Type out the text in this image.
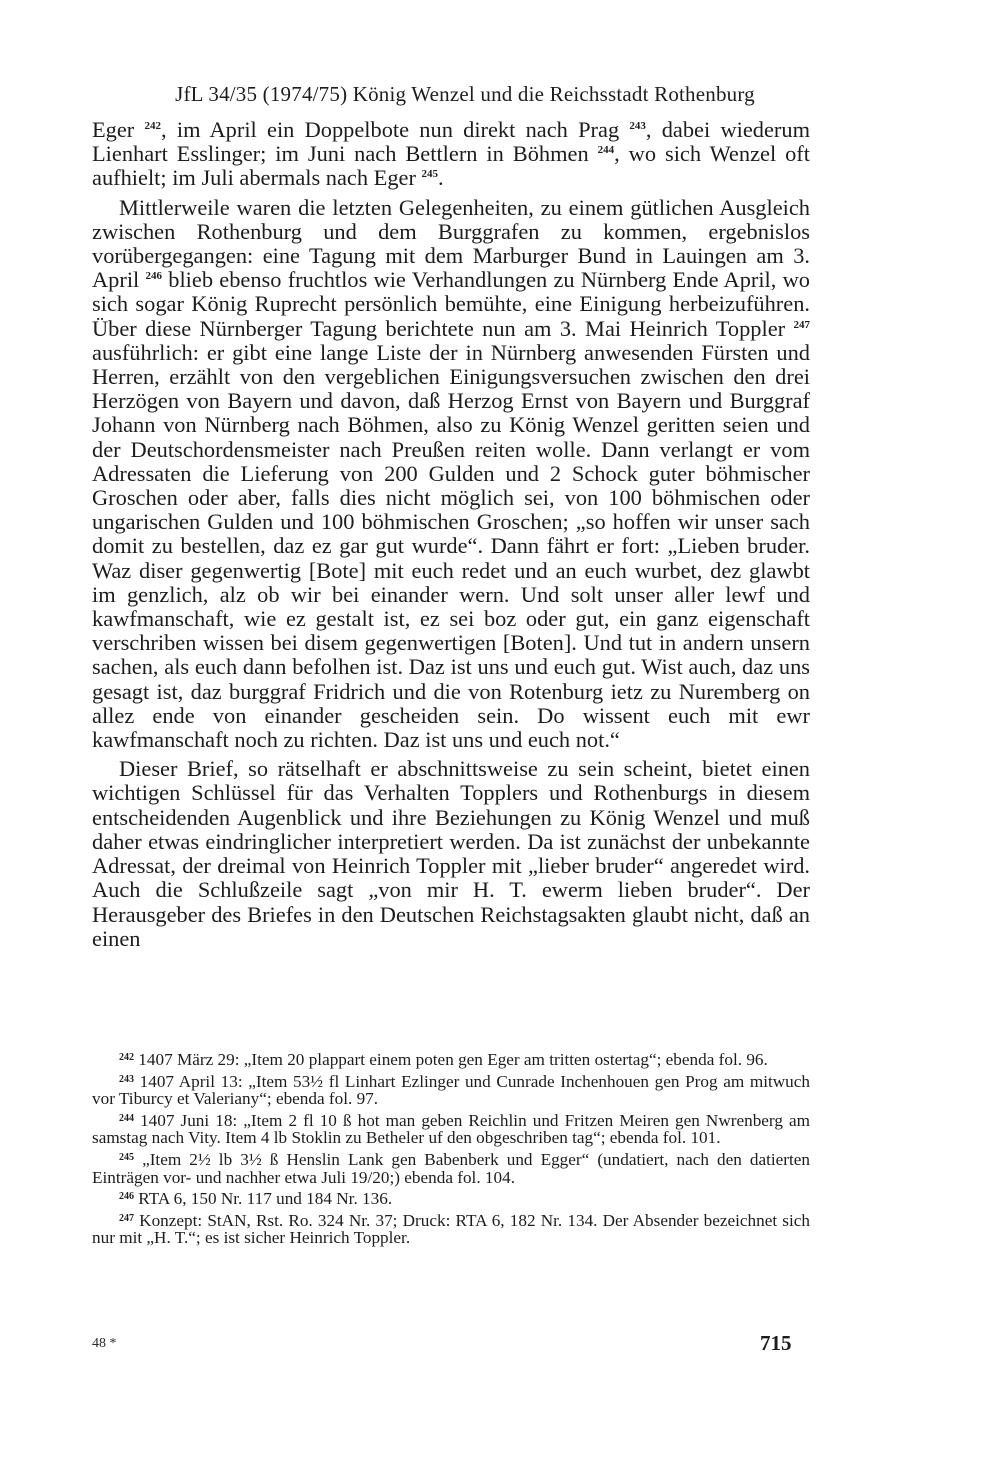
JfL 34/35 (1974/75) König Wenzel und die Reichsstadt Rothenburg

Eger $^{242}$, im April ein Doppelbote nun direkt nach Prag $^{243}$, dabei wiederum Lienhart Esslinger; im Juni nach Bettlern in Böhmen $^{244}$, wo sich Wenzel oft aufhielt; im Juli abermals nach Eger $^{245}$.

Mittlerweile waren die letzten Gelegenheiten, zu einem gütlichen Ausgleich zwischen Rothenburg und dem Burggrafen zu kommen, ergebnislos vorübergegangen: eine Tagung mit dem Marburger Bund in Lauingen am 3. April $^{246}$ blieb ebenso fruchtlos wie Verhandlungen zu Nürnberg Ende April, wo sich sogar König Ruprecht persönlich bemühte, eine Einigung herbeizuführen. Über diese Nürnberger Tagung berichtete nun am 3. Mai Heinrich Toppler $^{247}$ ausführlich: er gibt eine lange Liste der in Nürnberg anwesenden Fürsten und Herren, erzählt von den vergeblichen Einigungsversuchen zwischen den drei Herzögen von Bayern und davon, daß Herzog Ernst von Bayern und Burggraf Johann von Nürnberg nach Böhmen, also zu König Wenzel geritten seien und der Deutschordensmeister nach Preußen reiten wolle. Dann verlangt er vom Adressaten die Lieferung von 200 Gulden und 2 Schock guter böhmischer Groschen oder aber, falls dies nicht möglich sei, von 100 böhmischen oder ungarischen Gulden und 100 böhmischen Groschen; „so hoffen wir unser sach domit zu bestellen, daz ez gar gut wurde“. Dann fährt er fort: „Lieben bruder. Waz diser gegenwertig [Bote] mit euch redet und an euch wurbet, dez glawbt im genzlich, alz ob wir bei einander wern. Und solt unser aller lewf und kawfmanschaft, wie ez gestalt ist, ez sei boz oder gut, ein ganz eigenschaft verschriben wissen bei disem gegenwertigen [Boten]. Und tut in andern unsern sachen, als euch dann befolhen ist. Daz ist uns und euch gut. Wist auch, daz uns gesagt ist, daz burggraf Fridrich und die von Rotenburg ietz zu Nuremberg on allez ende von einander gescheiden sein. Do wissent euch mit ewr kawfmanschaft noch zu richten. Daz ist uns und euch not.“

Dieser Brief, so rätselhaft er abschnittsweise zu sein scheint, bietet einen wichtigen Schlüssel für das Verhalten Topplers und Rothenburgs in diesem entscheidenden Augenblick und ihre Beziehungen zu König Wenzel und muß daher etwas eindringlicher interpretiert werden. Da ist zunächst der unbekannte Adressat, der dreimal von Heinrich Toppler mit „lieber bruder“ angeredet wird. Auch die Schlußzeile sagt „von mir H. T. ewerm lieben bruder“. Der Herausgeber des Briefes in den Deutschen Reichstagsakten glaubt nicht, daß an einen

$^{242}$ 1407 März 29: „Item 20 plappart einem poten gen Eger am tritten ostertag“; ebenda fol. 96.
$^{243}$ 1407 April 13: „Item 53½ fl Linhart Ezlinger und Cunrade Inchenhouen gen Prog am mitwuch vor Tiburcy et Valeriany“; ebenda fol. 97.
$^{244}$ 1407 Juni 18: „Item 2 fl 10 ß hot man geben Reichlin und Fritzen Meiren gen Nwrenberg am samstag nach Vity. Item 4 lb Stoklin zu Betheler uf den obgeschriben tag“; ebenda fol. 101.
$^{245}$ „Item 2½ lb 3½ ß Henslin Lank gen Babenberk und Egger“ (undatiert, nach den datierten Einträgen vor- und nachher etwa Juli 19/20;) ebenda fol. 104.
$^{246}$ RTA 6, 150 Nr. 117 und 184 Nr. 136.
$^{247}$ Konzept: StAN, Rst. Ro. 324 Nr. 37; Druck: RTA 6, 182 Nr. 134. Der Absender bezeichnet sich nur mit „H. T.“; es ist sicher Heinrich Toppler.
48 *	715
